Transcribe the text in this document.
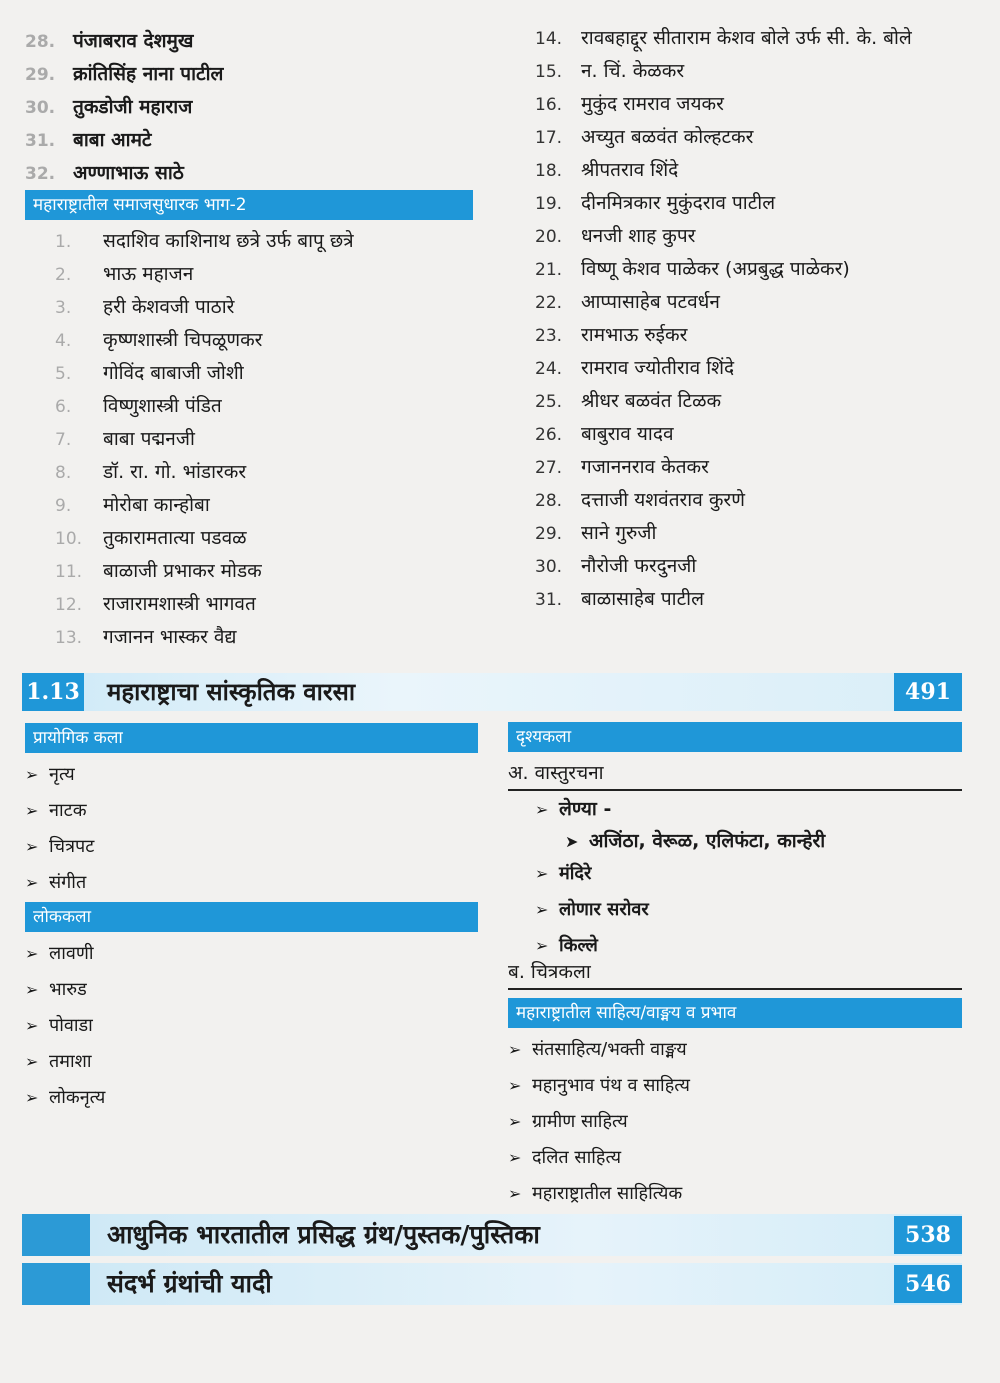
28. पंजाबराव देशमुख
29. क्रांतिसिंह नाना पाटील
30. तुकडोजी महाराज
31. बाबा आमटे
32. अण्णाभाऊ साठे
महाराष्ट्रातील समाजसुधारक भाग-2
1. सदाशिव काशिनाथ छत्रे उर्फ बापू छत्रे
2. भाऊ महाजन
3. हरी केशवजी पाठारे
4. कृष्णशास्त्री चिपळूणकर
5. गोविंद बाबाजी जोशी
6. विष्णुशास्त्री पंडित
7. बाबा पद्मनजी
8. डॉ. रा. गो. भांडारकर
9. मोरोबा कान्होबा
10. तुकारामतात्या पडवळ
11. बाळाजी प्रभाकर मोडक
12. राजारामशास्त्री भागवत
13. गजानन भास्कर वैद्य
14. रावबहाद्दूर सीताराम केशव बोले उर्फ सी. के. बोले
15. न. चिं. केळकर
16. मुकुंद रामराव जयकर
17. अच्युत बळवंत कोल्हटकर
18. श्रीपतराव शिंदे
19. दीनमित्रकार मुकुंदराव पाटील
20. धनजी शाह कुपर
21. विष्णू केशव पाळेकर (अप्रबुद्ध पाळेकर)
22. आप्पासाहेब पटवर्धन
23. रामभाऊ रुईकर
24. रामराव ज्योतीराव शिंदे
25. श्रीधर बळवंत टिळक
26. बाबुराव यादव
27. गजाननराव केतकर
28. दत्ताजी यशवंतराव कुरणे
29. साने गुरुजी
30. नौरोजी फरदुनजी
31. बाळासाहेब पाटील
1.13 महाराष्ट्राचा सांस्कृतिक वारसा	491
प्रायोगिक कला
➢ नृत्य
➢ नाटक
➢ चित्रपट
➢ संगीत
लोककला
➢ लावणी
➢ भारुड
➢ पोवाडा
➢ तमाशा
➢ लोकनृत्य
दृश्यकला
अ. वास्तुरचना
➢ लेण्या -
➤ अजिंठा, वेरूळ, एलिफंटा, कान्हेरी
➢ मंदिरे
➢ लोणार सरोवर
➢ किल्ले
ब. चित्रकला
महाराष्ट्रातील साहित्य/वाङ्मय व प्रभाव
➢ संतसाहित्य/भक्ती वाङ्मय
➢ महानुभाव पंथ व साहित्य
➢ ग्रामीण साहित्य
➢ दलित साहित्य
➢ महाराष्ट्रातील साहित्यिक
आधुनिक भारतातील प्रसिद्ध ग्रंथ/पुस्तक/पुस्तिका	538
संदर्भ ग्रंथांची यादी	546
